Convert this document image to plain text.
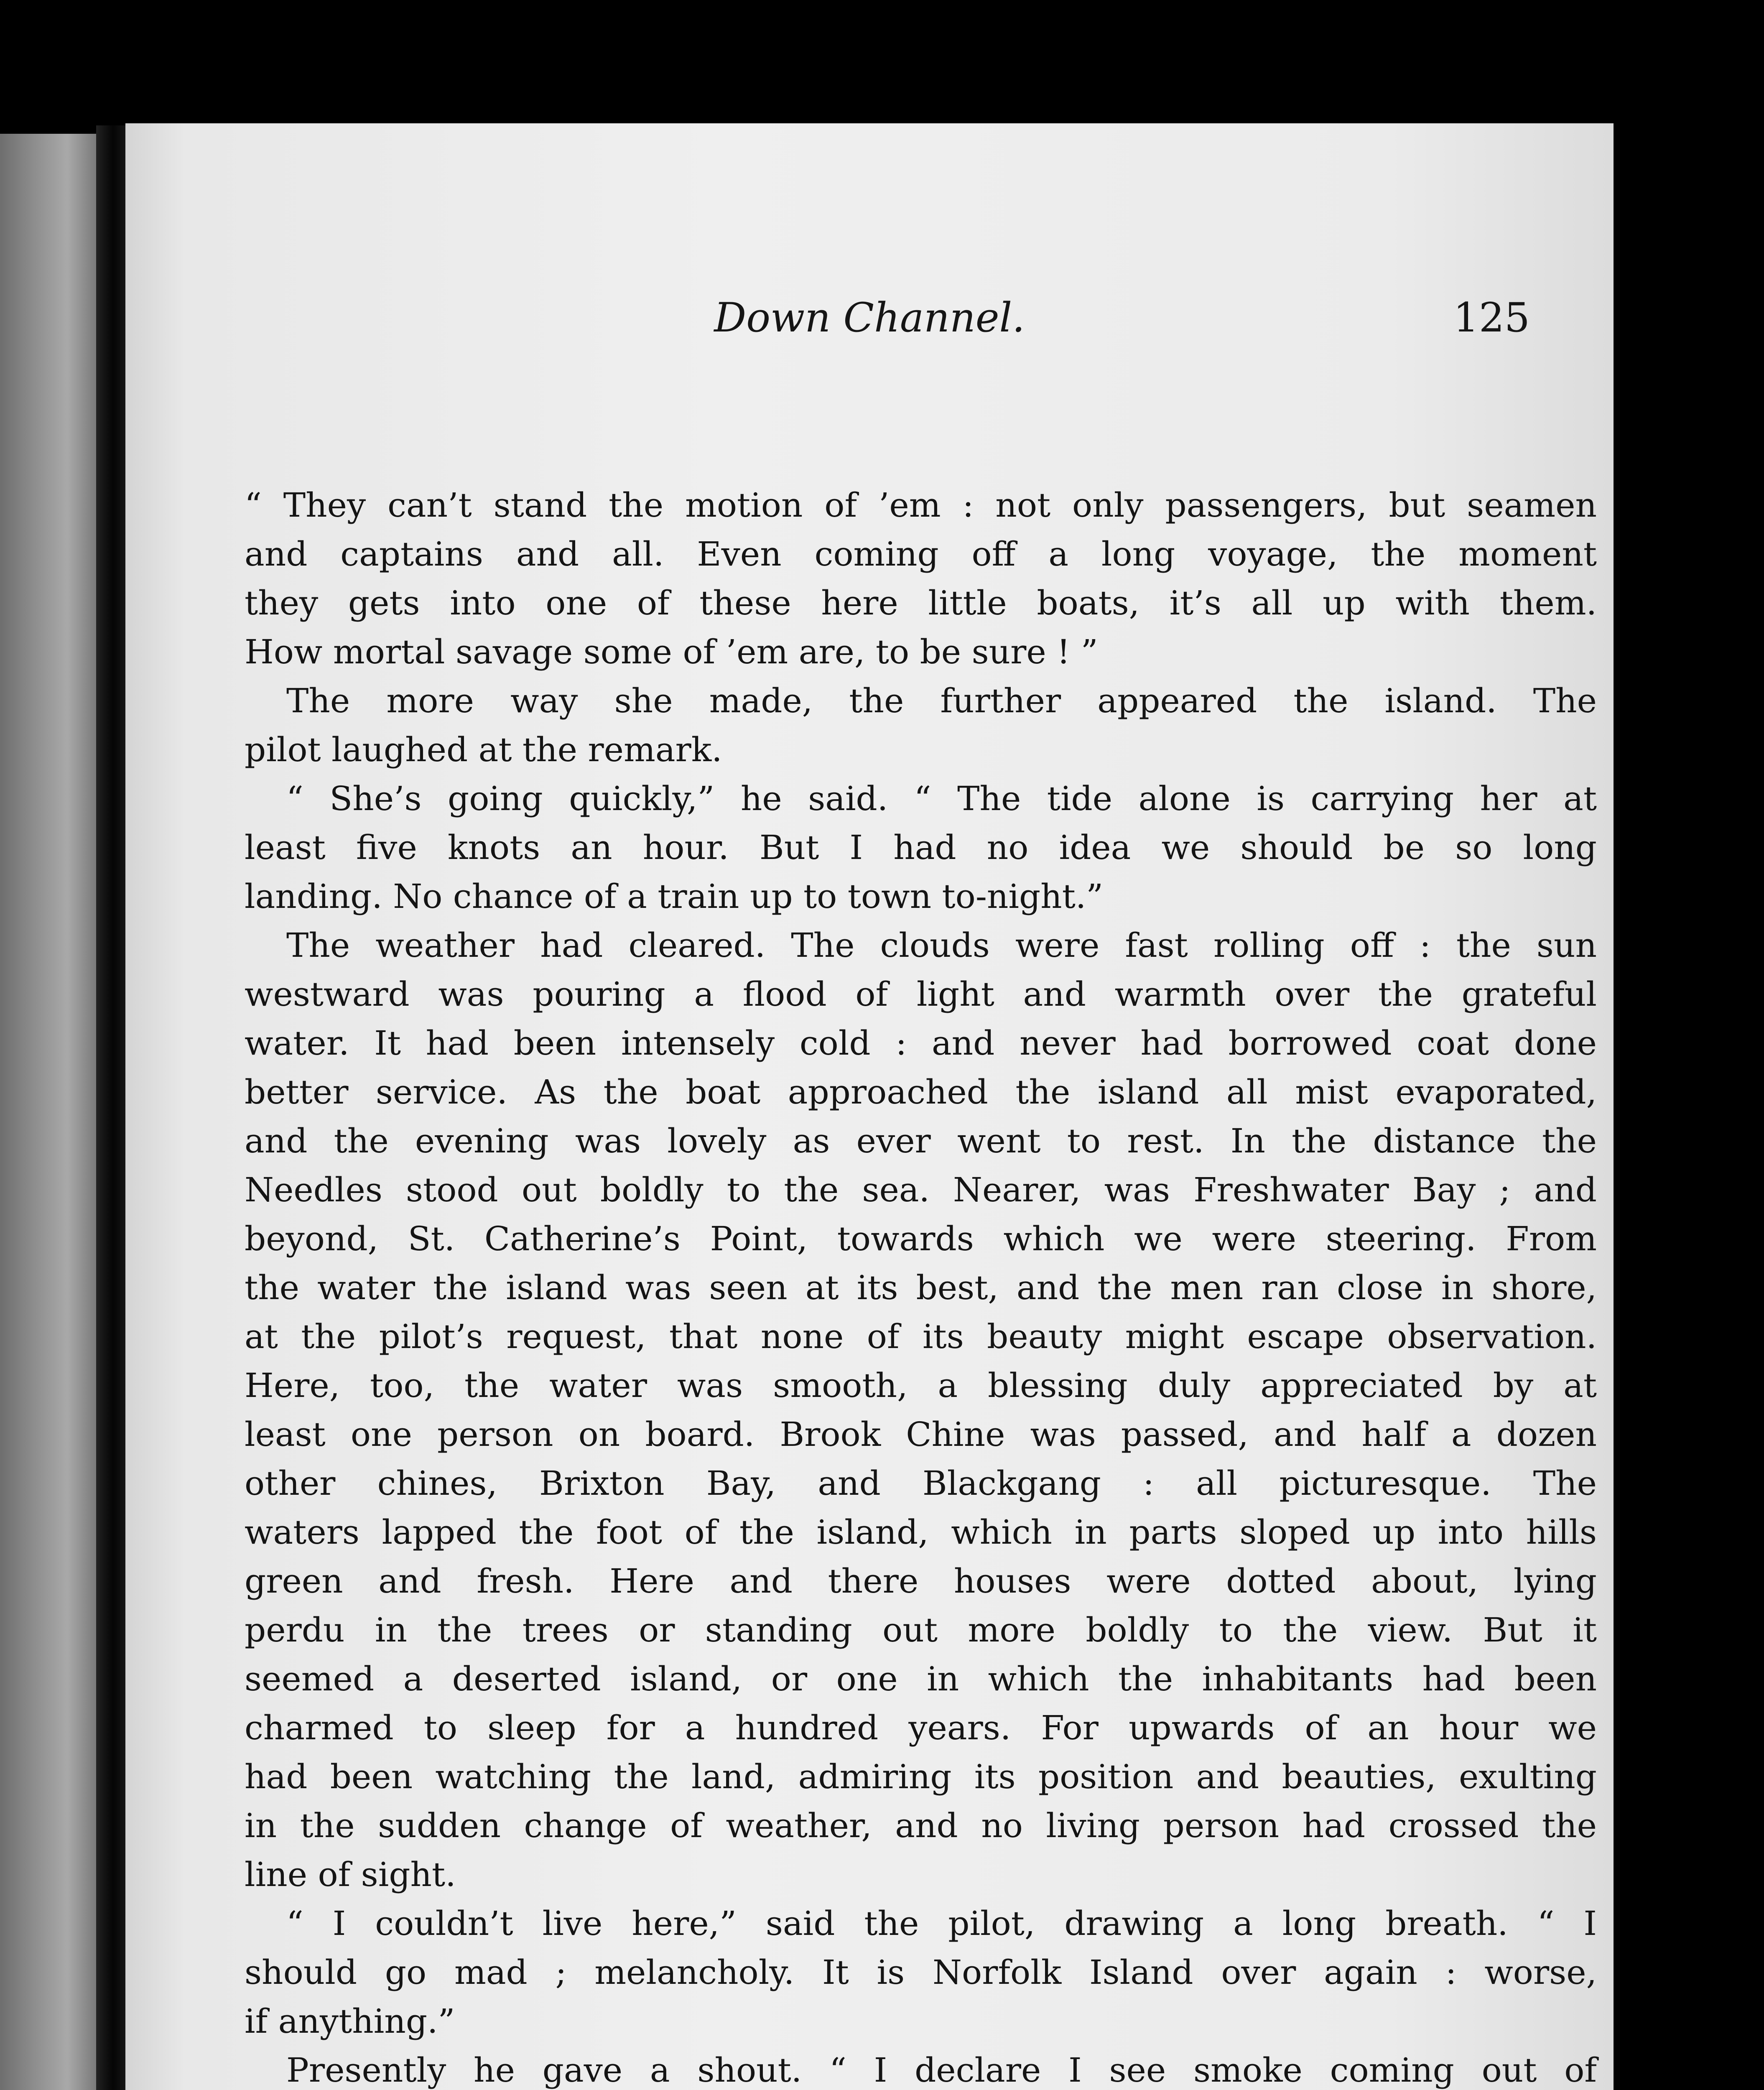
Down Channel.	125
“ They can’t stand the motion of ’em : not only passengers, but seamen
and captains and all. Even coming off a long voyage, the moment
they gets into one of these here little boats, it’s all up with them.
How mortal savage some of ’em are, to be sure ! ”
The more way she made, the further appeared the island. The
pilot laughed at the remark.
“ She’s going quickly,” he said. “ The tide alone is carrying her at
least five knots an hour. But I had no idea we should be so long
landing. No chance of a train up to town to-night.”
The weather had cleared. The clouds were fast rolling off : the sun
westward was pouring a flood of light and warmth over the grateful
water. It had been intensely cold : and never had borrowed coat done
better service. As the boat approached the island all mist evaporated,
and the evening was lovely as ever went to rest. In the distance the
Needles stood out boldly to the sea. Nearer, was Freshwater Bay ; and
beyond, St. Catherine’s Point, towards which we were steering. From
the water the island was seen at its best, and the men ran close in shore,
at the pilot’s request, that none of its beauty might escape observation.
Here, too, the water was smooth, a blessing duly appreciated by at
least one person on board. Brook Chine was passed, and half a dozen
other chines, Brixton Bay, and Blackgang : all picturesque. The
waters lapped the foot of the island, which in parts sloped up into hills
green and fresh. Here and there houses were dotted about, lying
perdu in the trees or standing out more boldly to the view. But it
seemed a deserted island, or one in which the inhabitants had been
charmed to sleep for a hundred years. For upwards of an hour we
had been watching the land, admiring its position and beauties, exulting
in the sudden change of weather, and no living person had crossed the
line of sight.
“ I couldn’t live here,” said the pilot, drawing a long breath. “ I
should go mad ; melancholy. It is Norfolk Island over again : worse,
if anything.”
Presently he gave a shout. “ I declare I see smoke coming out of
